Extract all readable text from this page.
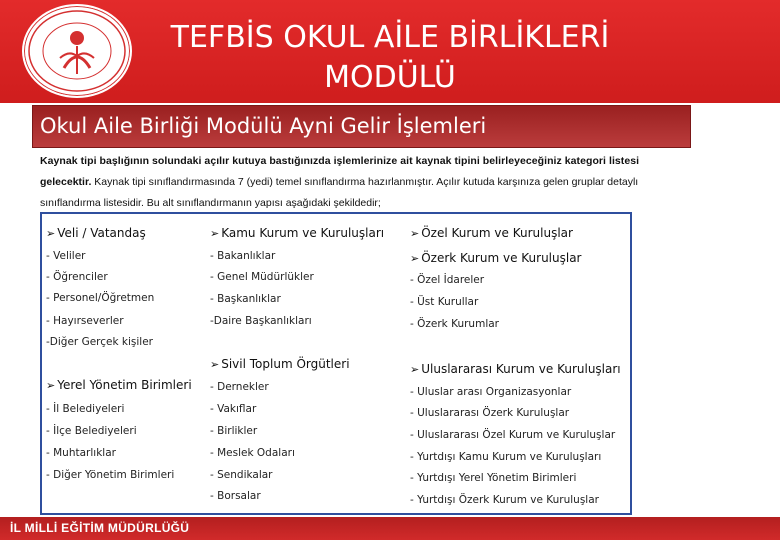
TEFBİS OKUL AİLE BİRLİKLERİ
MODÜLÜ
Okul Aile Birliği Modülü Ayni Gelir İşlemleri
Kaynak tipi başlığının solundaki açılır kutuya bastığınızda işlemlerinize ait kaynak tipini belirleyeceğiniz kategori listesi
gelecektir. Kaynak tipi sınıflandırmasında 7 (yedi) temel sınıflandırma hazırlanmıştır. Açılır kutuda karşınıza gelen gruplar detaylı
sınıflandırma listesidir. Bu alt sınıflandırmanın yapısı aşağıdaki şekildedir;
➢ Veli / Vatandaş
- Veliler
- Öğrenciler
- Personel/Öğretmen
- Hayırseverler
-Diğer Gerçek kişiler
➢ Kamu Kurum ve Kuruluşları
- Bakanlıklar
- Genel Müdürlükler
- Başkanlıklar
-Daire Başkanlıkları
➢ Özel Kurum ve Kuruluşlar
➢ Özerk Kurum ve Kuruluşlar
- Özel İdareler
- Üst Kurullar
- Özerk Kurumlar
➢ Yerel Yönetim Birimleri
- İl Belediyeleri
- İlçe Belediyeleri
- Muhtarlıklar
- Diğer Yönetim Birimleri
➢ Sivil Toplum Örgütleri
- Dernekler
- Vakıflar
- Birlikler
- Meslek Odaları
- Sendikalar
- Borsalar
➢ Uluslararası Kurum ve Kuruluşları
- Uluslar arası Organizasyonlar
- Uluslararası Özerk Kuruluşlar
- Uluslararası Özel Kurum ve Kuruluşlar
- Yurtdışı Kamu Kurum ve Kuruluşları
- Yurtdışı Yerel Yönetim Birimleri
- Yurtdışı Özerk Kurum ve Kuruluşlar
İL MİLLİ EĞİTİM MÜDÜRLÜĞÜ
